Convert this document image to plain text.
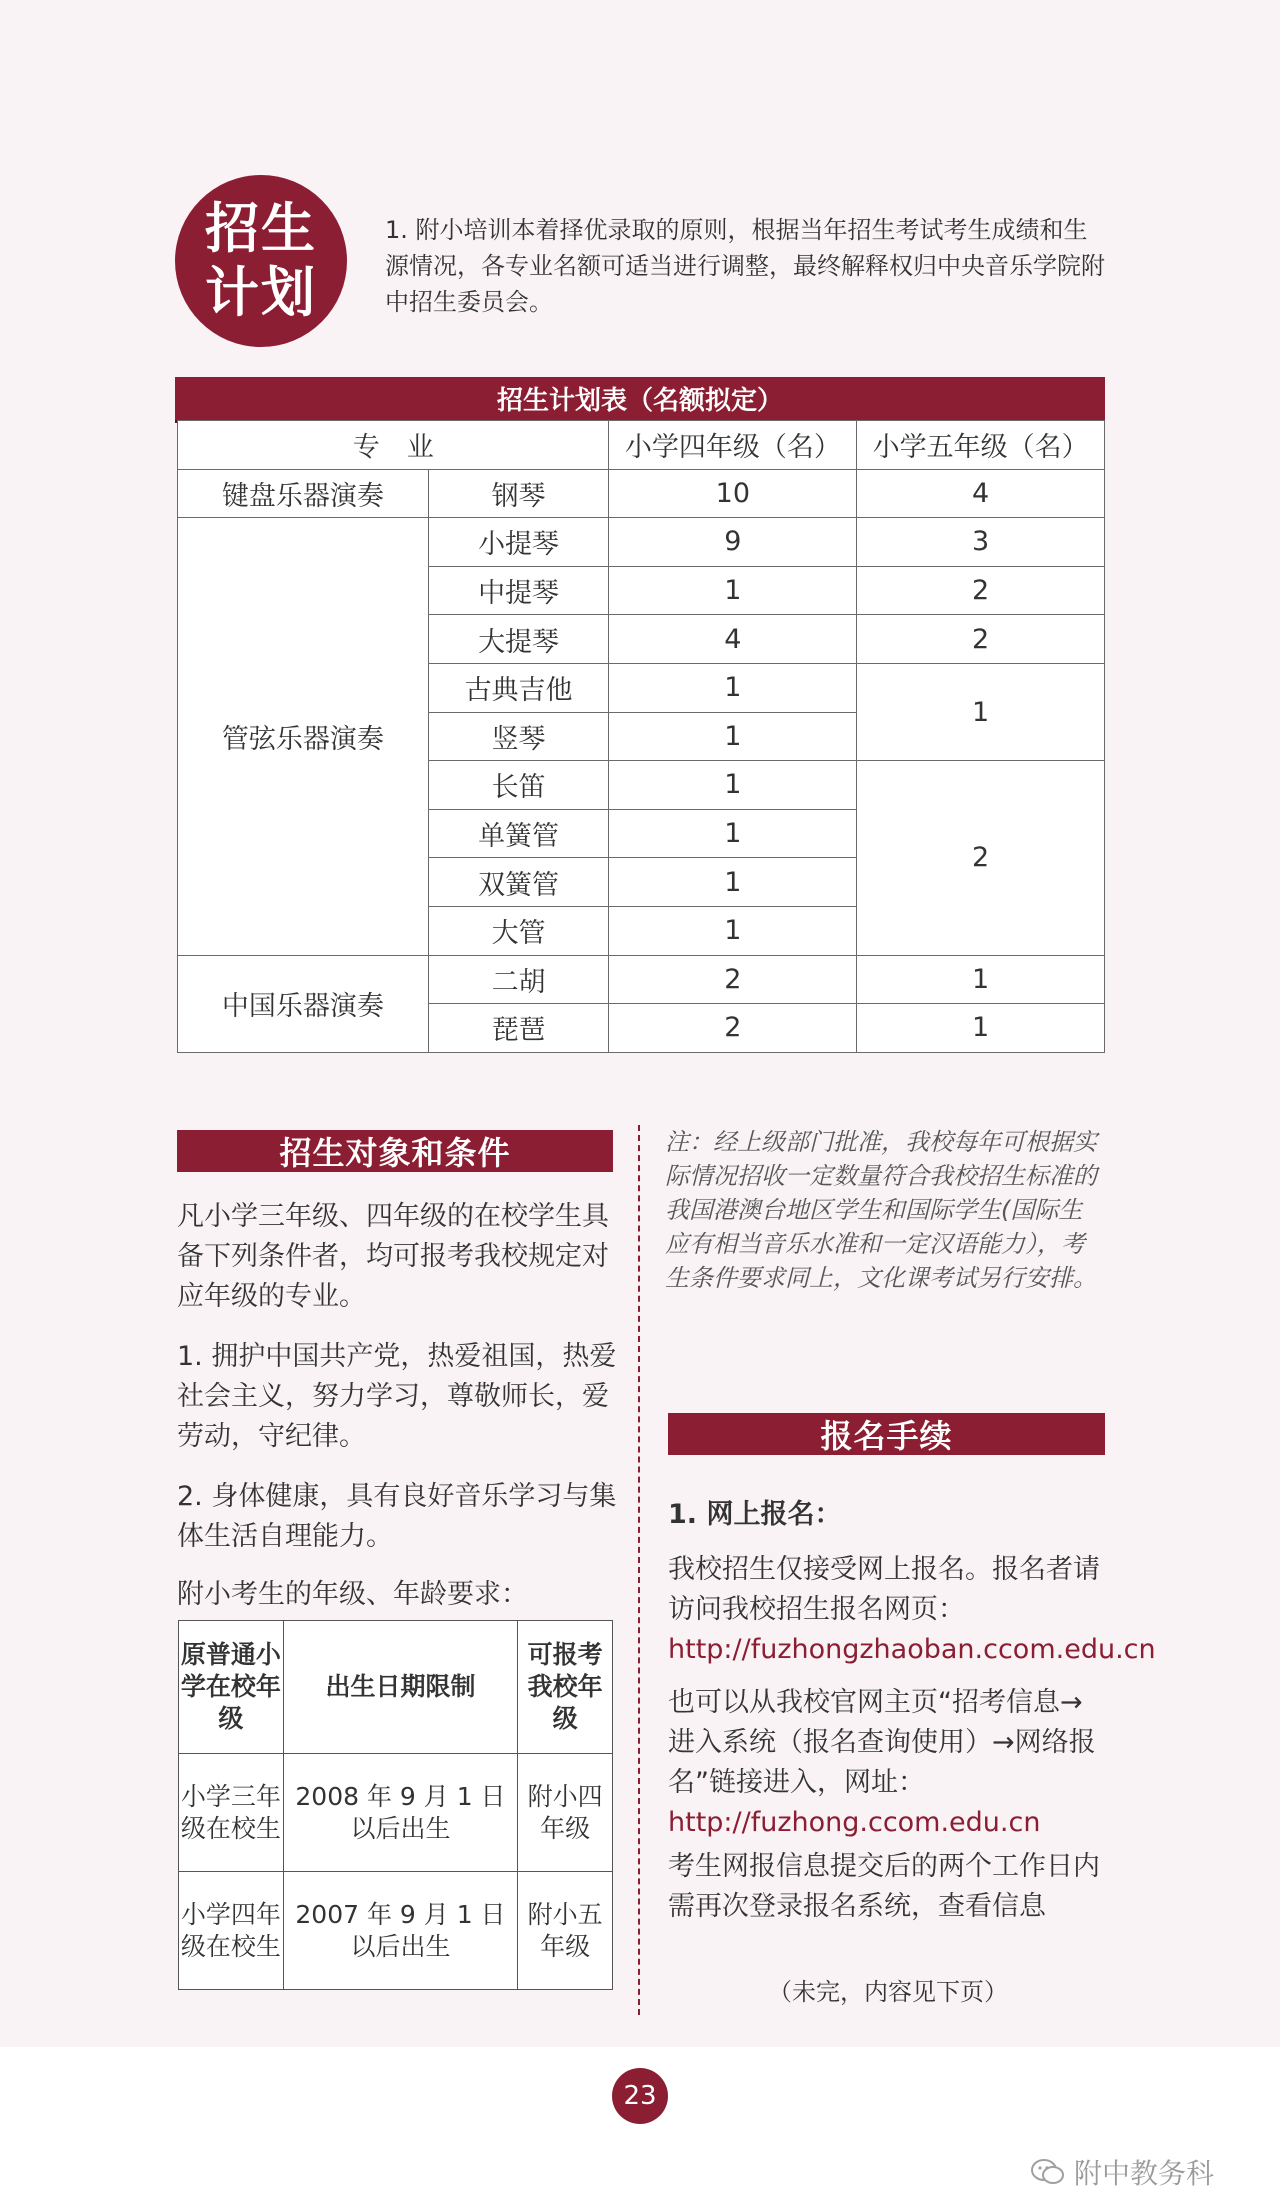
招生
计划

1. 附小培训本着择优录取的原则，根据当年招生考试考生成绩和生源情况，各专业名额可适当进行调整，最终解释权归中央音乐学院附中招生委员会。

招生计划表（名额拟定）
专　业		小学四年级（名）	小学五年级（名）
键盘乐器演奏	钢琴	10	4
管弦乐器演奏	小提琴	9	3
	中提琴	1	2
	大提琴	4	2
	古典吉他	1	1
	竖琴	1	
	长笛	1	2
	单簧管	1	
	双簧管	1	
	大管	1	
中国乐器演奏	二胡	2	1
	琵琶	2	1
招生对象和条件

凡小学三年级、四年级的在校学生具备下列条件者，均可报考我校规定对应年级的专业。

1. 拥护中国共产党，热爱祖国，热爱社会主义，努力学习，尊敬师长，爱劳动，守纪律。

2. 身体健康，具有良好音乐学习与集体生活自理能力。

附小考生的年级、年龄要求：

原普通小学在校年级	出生日期限制	可报考我校年级
小学三年级在校生	2008 年 9 月 1 日以后出生	附小四年级
小学四年级在校生	2007 年 9 月 1 日以后出生	附小五年级

注：经上级部门批准，我校每年可根据实际情况招收一定数量符合我校招生标准的我国港澳台地区学生和国际学生(国际生应有相当音乐水准和一定汉语能力），考生条件要求同上，文化课考试另行安排。

报名手续

1. 网上报名：

我校招生仅接受网上报名。报名者请访问我校招生报名网页：http://fuzhongzhaoban.ccom.edu.cn

也可以从我校官网主页“招考信息→进入系统（报名查询使用）→网络报名”链接进入，网址：http://fuzhong.ccom.edu.cn

考生网报信息提交后的两个工作日内需再次登录报名系统，查看信息

（未完，内容见下页）

23
附中教务科
